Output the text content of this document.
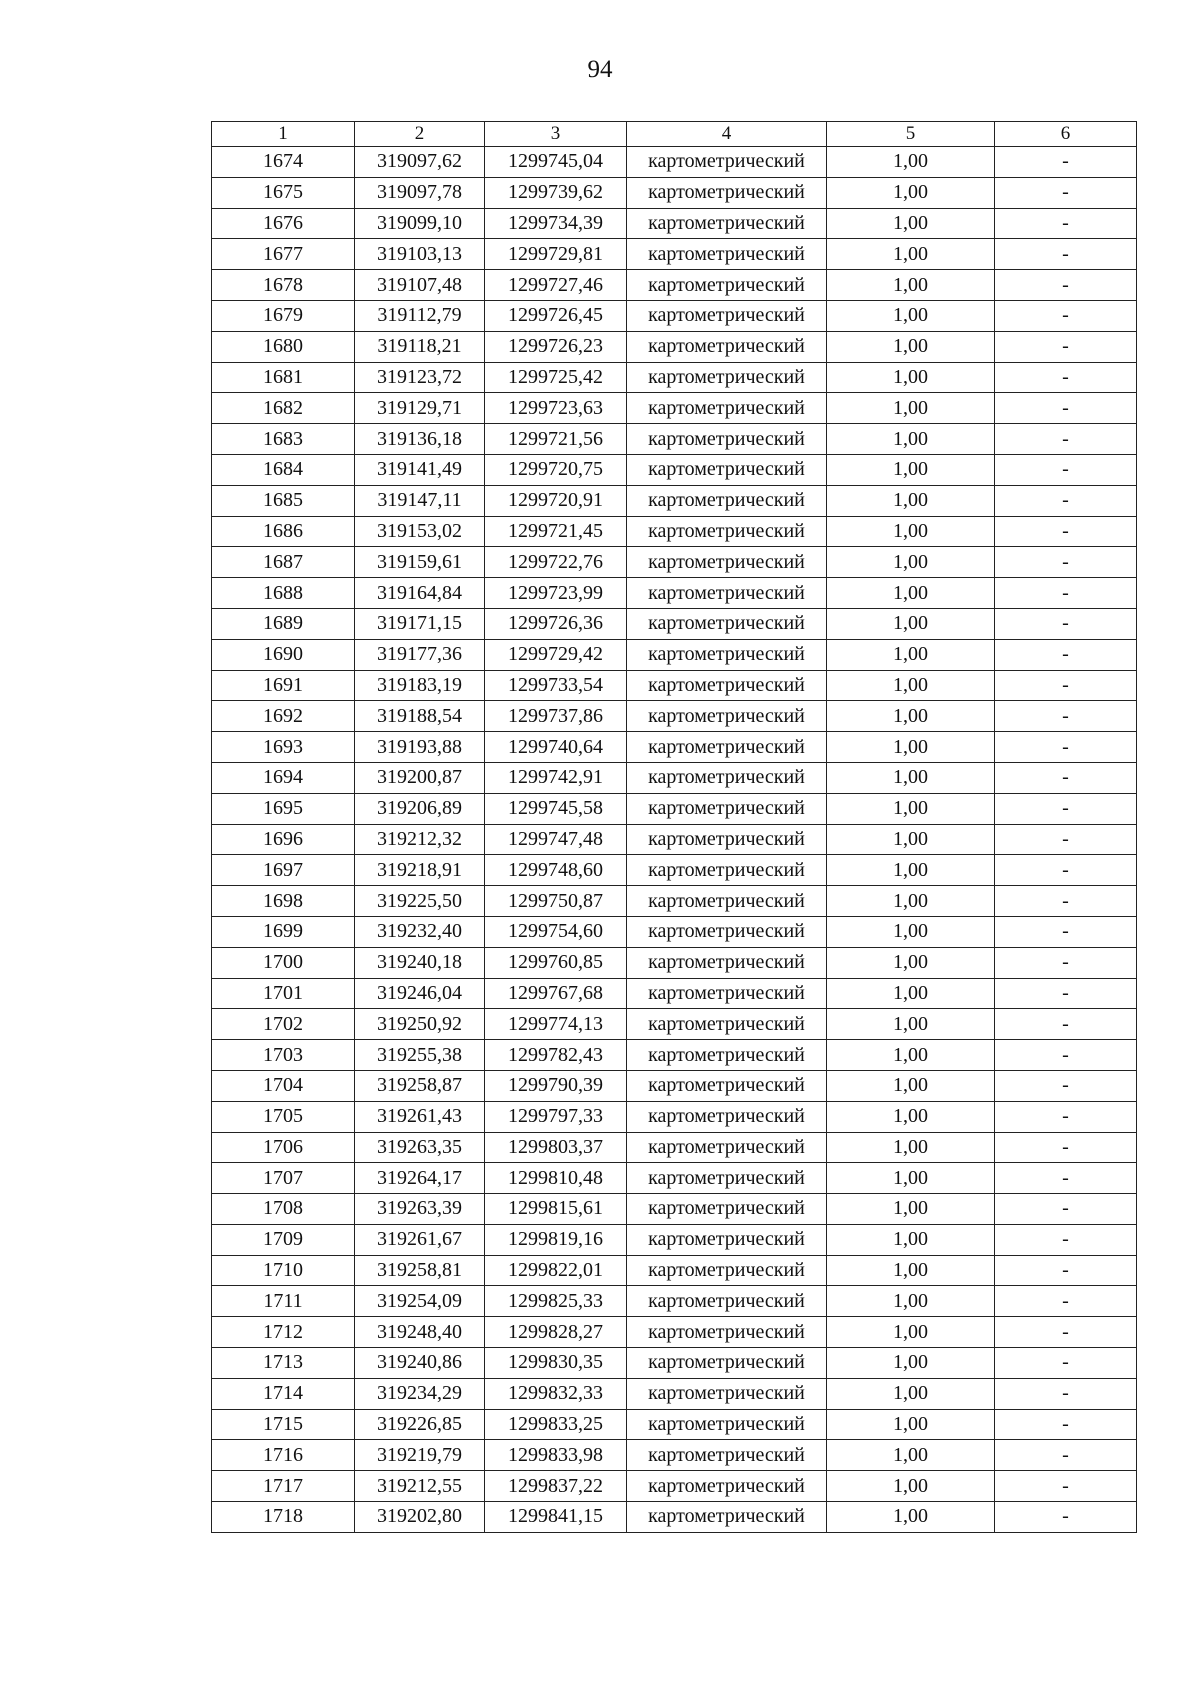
94
1	2	3	4	5	6
1674	319097,62	1299745,04	картометрический	1,00	-
1675	319097,78	1299739,62	картометрический	1,00	-
1676	319099,10	1299734,39	картометрический	1,00	-
1677	319103,13	1299729,81	картометрический	1,00	-
1678	319107,48	1299727,46	картометрический	1,00	-
1679	319112,79	1299726,45	картометрический	1,00	-
1680	319118,21	1299726,23	картометрический	1,00	-
1681	319123,72	1299725,42	картометрический	1,00	-
1682	319129,71	1299723,63	картометрический	1,00	-
1683	319136,18	1299721,56	картометрический	1,00	-
1684	319141,49	1299720,75	картометрический	1,00	-
1685	319147,11	1299720,91	картометрический	1,00	-
1686	319153,02	1299721,45	картометрический	1,00	-
1687	319159,61	1299722,76	картометрический	1,00	-
1688	319164,84	1299723,99	картометрический	1,00	-
1689	319171,15	1299726,36	картометрический	1,00	-
1690	319177,36	1299729,42	картометрический	1,00	-
1691	319183,19	1299733,54	картометрический	1,00	-
1692	319188,54	1299737,86	картометрический	1,00	-
1693	319193,88	1299740,64	картометрический	1,00	-
1694	319200,87	1299742,91	картометрический	1,00	-
1695	319206,89	1299745,58	картометрический	1,00	-
1696	319212,32	1299747,48	картометрический	1,00	-
1697	319218,91	1299748,60	картометрический	1,00	-
1698	319225,50	1299750,87	картометрический	1,00	-
1699	319232,40	1299754,60	картометрический	1,00	-
1700	319240,18	1299760,85	картометрический	1,00	-
1701	319246,04	1299767,68	картометрический	1,00	-
1702	319250,92	1299774,13	картометрический	1,00	-
1703	319255,38	1299782,43	картометрический	1,00	-
1704	319258,87	1299790,39	картометрический	1,00	-
1705	319261,43	1299797,33	картометрический	1,00	-
1706	319263,35	1299803,37	картометрический	1,00	-
1707	319264,17	1299810,48	картометрический	1,00	-
1708	319263,39	1299815,61	картометрический	1,00	-
1709	319261,67	1299819,16	картометрический	1,00	-
1710	319258,81	1299822,01	картометрический	1,00	-
1711	319254,09	1299825,33	картометрический	1,00	-
1712	319248,40	1299828,27	картометрический	1,00	-
1713	319240,86	1299830,35	картометрический	1,00	-
1714	319234,29	1299832,33	картометрический	1,00	-
1715	319226,85	1299833,25	картометрический	1,00	-
1716	319219,79	1299833,98	картометрический	1,00	-
1717	319212,55	1299837,22	картометрический	1,00	-
1718	319202,80	1299841,15	картометрический	1,00	-
